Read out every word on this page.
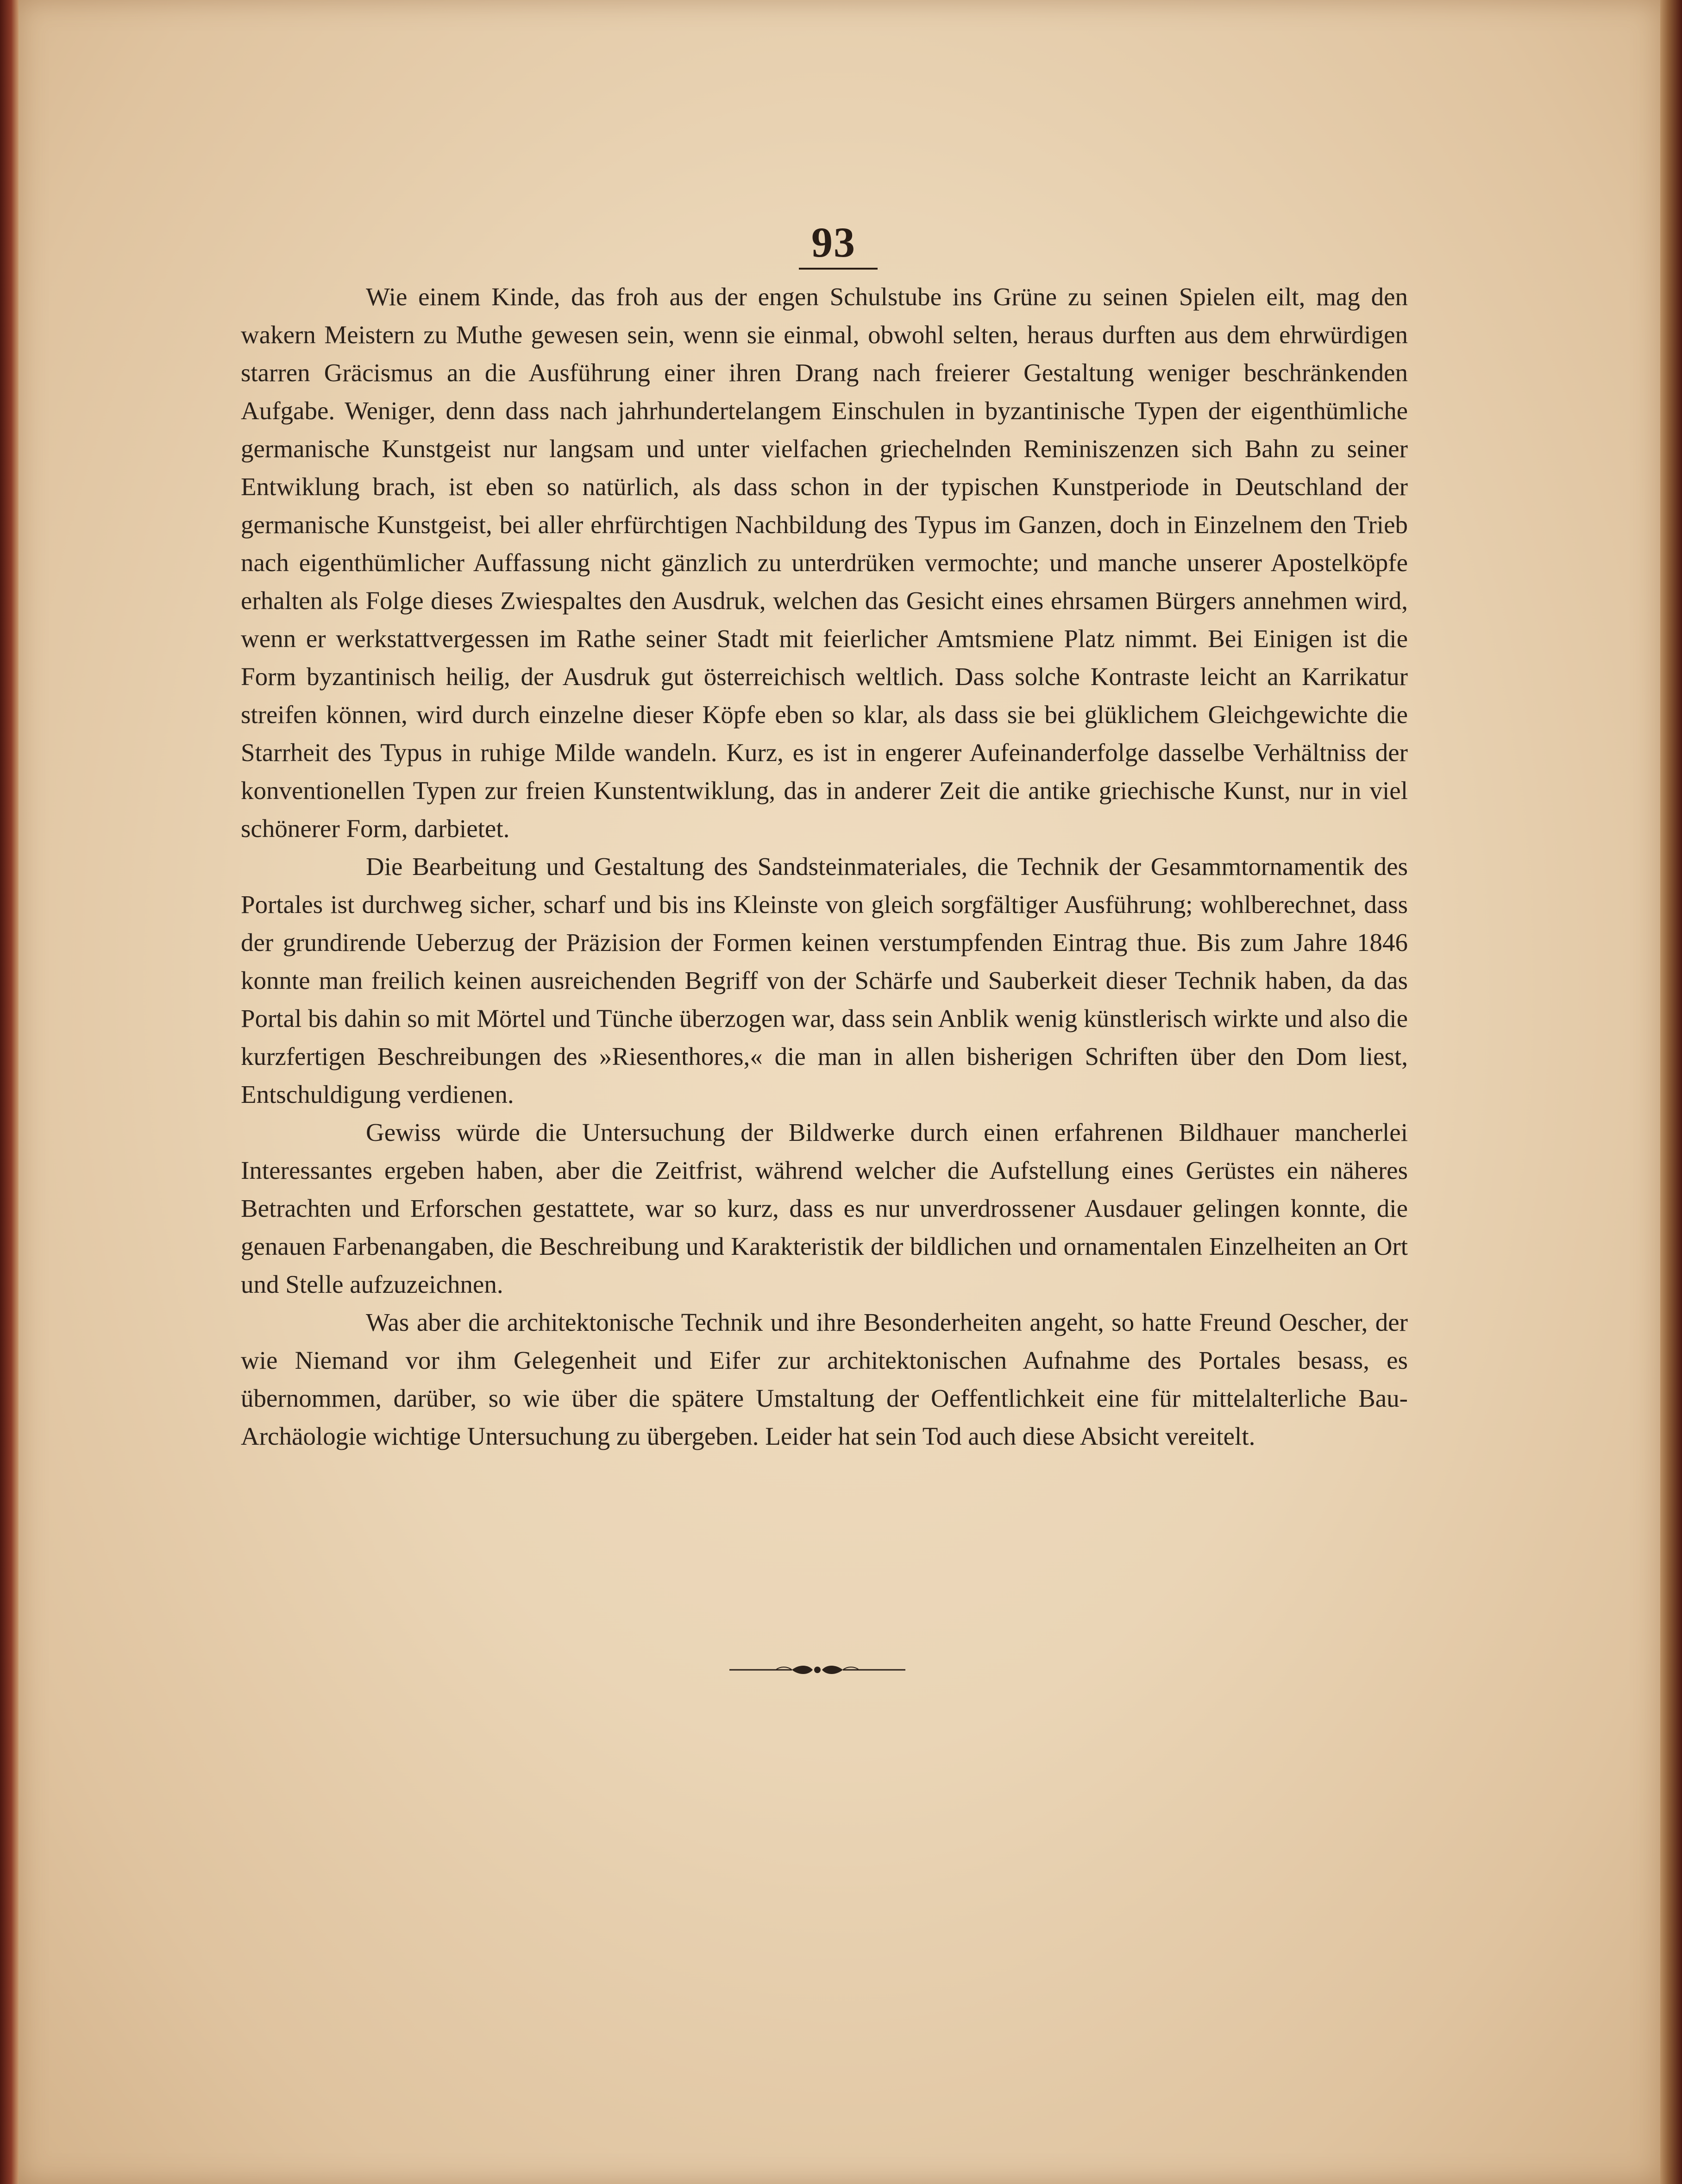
93

Wie einem Kinde, das froh aus der engen Schulstube ins Grüne zu seinen Spielen eilt, mag den wakern Meistern zu Muthe gewesen sein, wenn sie einmal, obwohl selten, heraus durften aus dem ehrwürdigen starren Gräcismus an die Ausführung einer ihren Drang nach freierer Gestaltung weniger beschränkenden Aufgabe. Weniger, denn dass nach jahrhundertelangem Einschulen in byzantinische Typen der eigenthümliche germanische Kunstgeist nur langsam und unter vielfachen griechelnden Reminiszenzen sich Bahn zu seiner Entwiklung brach, ist eben so natürlich, als dass schon in der typischen Kunstperiode in Deutschland der germanische Kunstgeist, bei aller ehrfürchtigen Nachbildung des Typus im Ganzen, doch in Einzelnem den Trieb nach eigenthümlicher Auffassung nicht gänzlich zu unterdrüken vermochte; und manche unserer Apostelköpfe erhalten als Folge dieses Zwiespaltes den Ausdruk, welchen das Gesicht eines ehrsamen Bürgers annehmen wird, wenn er werkstattvergessen im Rathe seiner Stadt mit feierlicher Amtsmiene Platz nimmt. Bei Einigen ist die Form byzantinisch heilig, der Ausdruk gut österreichisch weltlich. Dass solche Kontraste leicht an Karrikatur streifen können, wird durch einzelne dieser Köpfe eben so klar, als dass sie bei glüklichem Gleichgewichte die Starrheit des Typus in ruhige Milde wandeln. Kurz, es ist in engerer Aufeinanderfolge dasselbe Verhältniss der konventionellen Typen zur freien Kunstentwiklung, das in anderer Zeit die antike griechische Kunst, nur in viel schönerer Form, darbietet.

Die Bearbeitung und Gestaltung des Sandsteinmateriales, die Technik der Gesammtornamentik des Portales ist durchweg sicher, scharf und bis ins Kleinste von gleich sorgfältiger Ausführung; wohlberechnet, dass der grundirende Ueberzug der Präzision der Formen keinen verstumpfenden Eintrag thue. Bis zum Jahre 1846 konnte man freilich keinen ausreichenden Begriff von der Schärfe und Sauberkeit dieser Technik haben, da das Portal bis dahin so mit Mörtel und Tünche überzogen war, dass sein Anblik wenig künstlerisch wirkte und also die kurzfertigen Beschreibungen des »Riesenthores,« die man in allen bisherigen Schriften über den Dom liest, Entschuldigung verdienen.

Gewiss würde die Untersuchung der Bildwerke durch einen erfahrenen Bildhauer mancherlei Interessantes ergeben haben, aber die Zeitfrist, während welcher die Aufstellung eines Gerüstes ein näheres Betrachten und Erforschen gestattete, war so kurz, dass es nur unverdrossener Ausdauer gelingen konnte, die genauen Farbenangaben, die Beschreibung und Karakteristik der bildlichen und ornamentalen Einzelheiten an Ort und Stelle aufzuzeichnen.

Was aber die architektonische Technik und ihre Besonderheiten angeht, so hatte Freund Oescher, der wie Niemand vor ihm Gelegenheit und Eifer zur architektonischen Aufnahme des Portales besass, es übernommen, darüber, so wie über die spätere Umstaltung der Oeffentlichkeit eine für mittelalterliche Bau-Archäologie wichtige Untersuchung zu übergeben. Leider hat sein Tod auch diese Absicht vereitelt.
